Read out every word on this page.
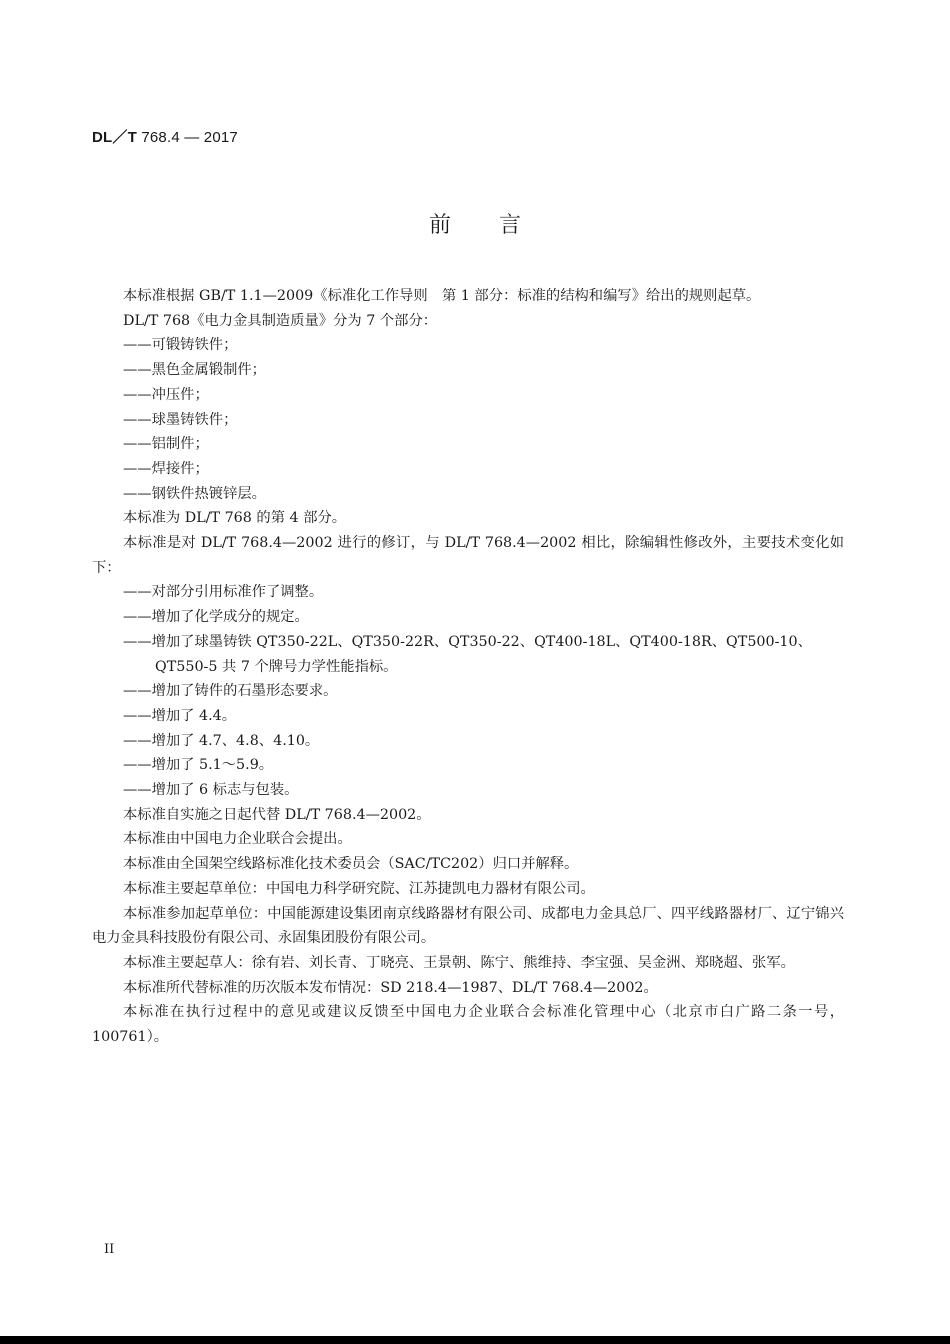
DL／T 768.4 — 2017
前言

本标准根据 GB/T 1.1—2009《标准化工作导则　第 1 部分：标准的结构和编写》给出的规则起草。

DL/T 768《电力金具制造质量》分为 7 个部分：

——可锻铸铁件；

——黑色金属锻制件；

——冲压件；

——球墨铸铁件；

——铝制件；

——焊接件；

——钢铁件热镀锌层。

本标准为 DL/T 768 的第 4 部分。

本标准是对 DL/T 768.4—2002 进行的修订，与 DL/T 768.4—2002 相比，除编辑性修改外，主要技术变化如下：

——对部分引用标准作了调整。

——增加了化学成分的规定。

——增加了球墨铸铁 QT350-22L、QT350-22R、QT350-22、QT400-18L、QT400-18R、QT500-10、QT550-5 共 7 个牌号力学性能指标。

——增加了铸件的石墨形态要求。

——增加了 4.4。

——增加了 4.7、4.8、4.10。

——增加了 5.1～5.9。

——增加了 6 标志与包装。

本标准自实施之日起代替 DL/T 768.4—2002。

本标准由中国电力企业联合会提出。

本标准由全国架空线路标准化技术委员会（SAC/TC202）归口并解释。

本标准主要起草单位：中国电力科学研究院、江苏捷凯电力器材有限公司。

本标准参加起草单位：中国能源建设集团南京线路器材有限公司、成都电力金具总厂、四平线路器材厂、辽宁锦兴电力金具科技股份有限公司、永固集团股份有限公司。

本标准主要起草人：徐有岩、刘长青、丁晓亮、王景朝、陈宁、熊维持、李宝强、吴金洲、郑晓超、张军。

本标准所代替标准的历次版本发布情况：SD 218.4—1987、DL/T 768.4—2002。

本标准在执行过程中的意见或建议反馈至中国电力企业联合会标准化管理中心（北京市白广路二条一号，100761）。

II
